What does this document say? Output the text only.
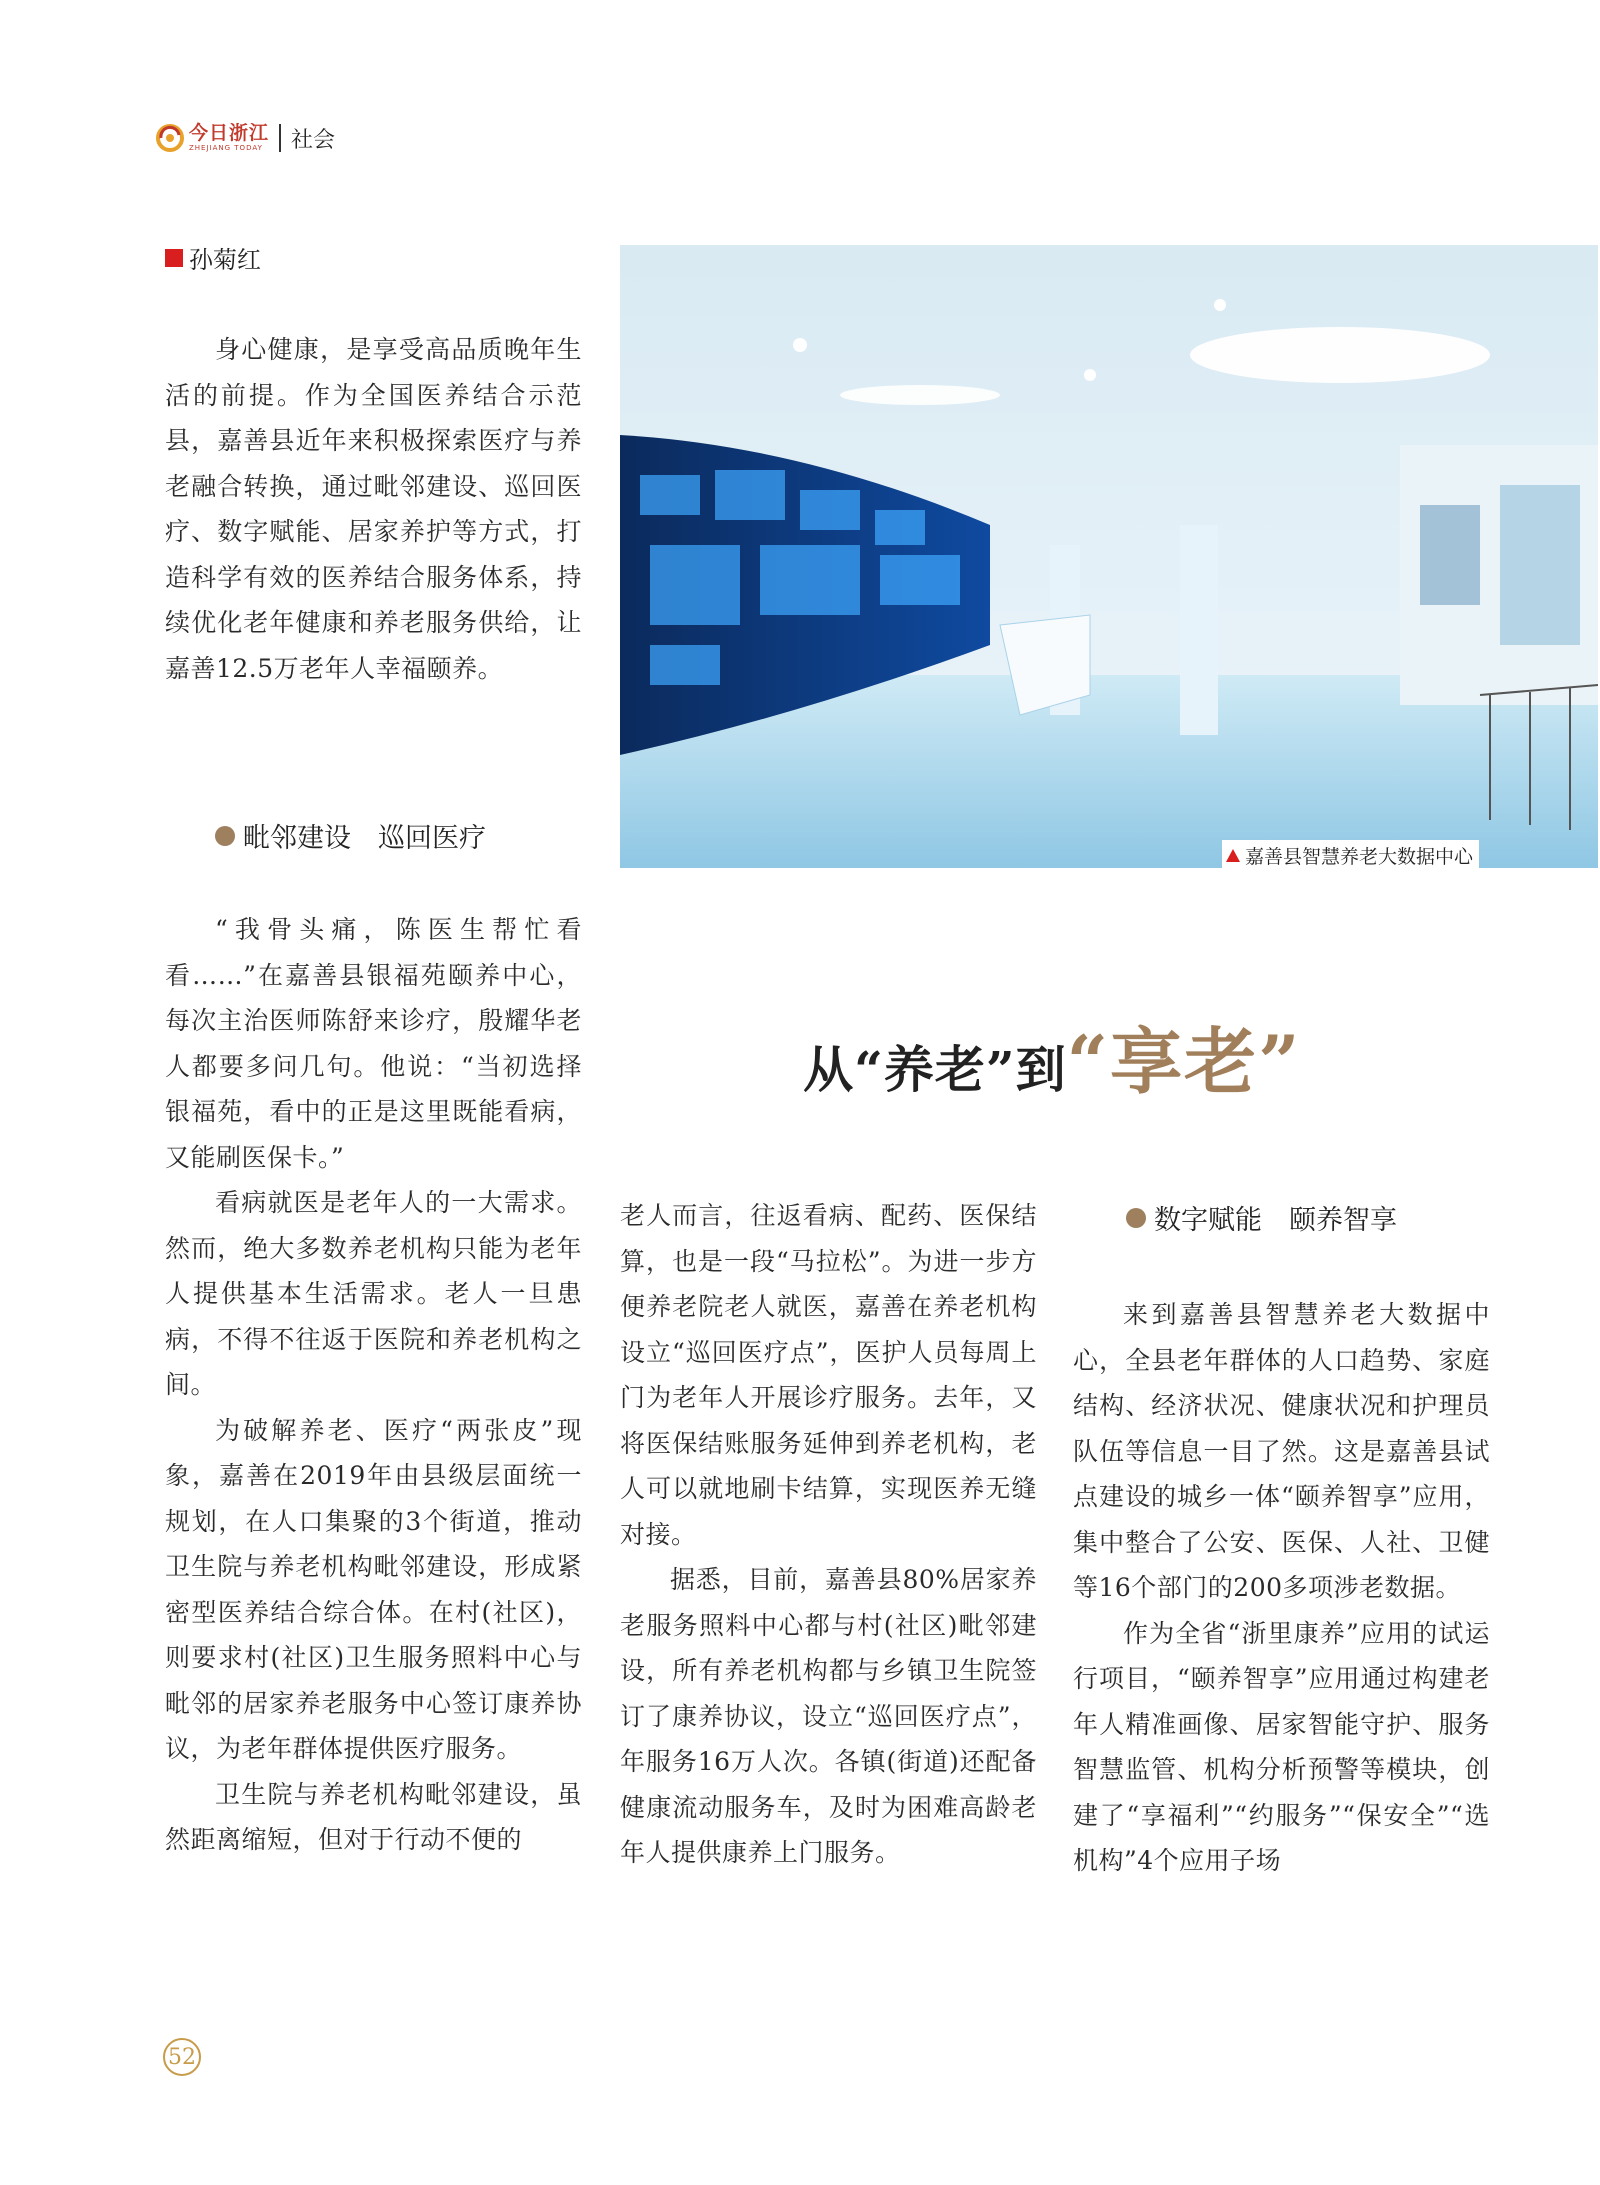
今日浙江
ZHEJIANG TODAY 社会
孙菊红

身心健康，是享受高品质晚年生活的前提。作为全国医养结合示范县，嘉善县近年来积极探索医疗与养老融合转换，通过毗邻建设、巡回医疗、数字赋能、居家养护等方式，打造科学有效的医养结合服务体系，持续优化老年健康和养老服务供给，让嘉善12.5万老年人幸福颐养。

毗邻建设　巡回医疗

“我骨头痛，陈医生帮忙看看……”在嘉善县银福苑颐养中心，每次主治医师陈舒来诊疗，殷耀华老人都要多问几句。他说：“当初选择银福苑，看中的正是这里既能看病，又能刷医保卡。”

看病就医是老年人的一大需求。然而，绝大多数养老机构只能为老年人提供基本生活需求。老人一旦患病，不得不往返于医院和养老机构之间。

为破解养老、医疗“两张皮”现象，嘉善在2019年由县级层面统一规划，在人口集聚的3个街道，推动卫生院与养老机构毗邻建设，形成紧密型医养结合综合体。在村(社区)，则要求村(社区)卫生服务照料中心与毗邻的居家养老服务中心签订康养协议，为老年群体提供医疗服务。

卫生院与养老机构毗邻建设，虽然距离缩短，但对于行动不便的

嘉善县智慧养老大数据中心

从“养老”到“享老”

老人而言，往返看病、配药、医保结算，也是一段“马拉松”。为进一步方便养老院老人就医，嘉善在养老机构设立“巡回医疗点”，医护人员每周上门为老年人开展诊疗服务。去年，又将医保结账服务延伸到养老机构，老人可以就地刷卡结算，实现医养无缝对接。

据悉，目前，嘉善县80%居家养老服务照料中心都与村(社区)毗邻建设，所有养老机构都与乡镇卫生院签订了康养协议，设立“巡回医疗点”，年服务16万人次。各镇(街道)还配备健康流动服务车，及时为困难高龄老年人提供康养上门服务。

数字赋能　颐养智享

来到嘉善县智慧养老大数据中心，全县老年群体的人口趋势、家庭结构、经济状况、健康状况和护理员队伍等信息一目了然。这是嘉善县试点建设的城乡一体“颐养智享”应用，集中整合了公安、医保、人社、卫健等16个部门的200多项涉老数据。

作为全省“浙里康养”应用的试运行项目，“颐养智享”应用通过构建老年人精准画像、居家智能守护、服务智慧监管、机构分析预警等模块，创建了“享福利”“约服务”“保安全”“选机构”4个应用子场

52
